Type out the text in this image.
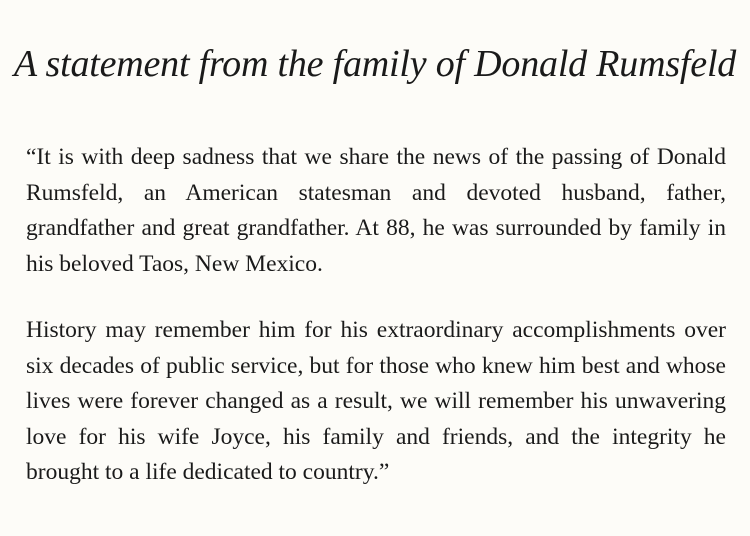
A statement from the family of Donald Rumsfeld

“It is with deep sadness that we share the news of the passing of Donald Rumsfeld, an American statesman and devoted husband, father, grandfather and great grandfather. At 88, he was surrounded by family in his beloved Taos, New Mexico.

History may remember him for his extraordinary accomplishments over six decades of public service, but for those who knew him best and whose lives were forever changed as a result, we will remember his unwavering love for his wife Joyce, his family and friends, and the integrity he brought to a life dedicated to country.”
